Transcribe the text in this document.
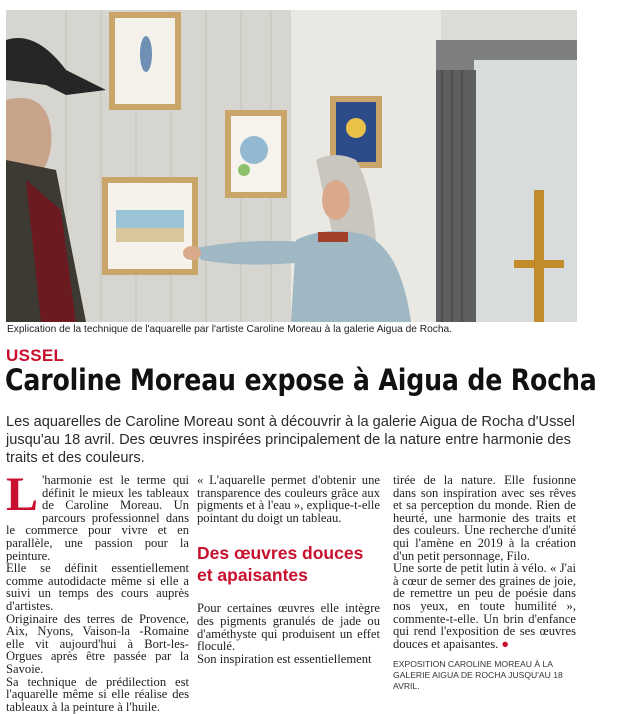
Explication de la technique de l'aquarelle par l'artiste Caroline Moreau à la galerie Aigua de Rocha.
USSEL
Caroline Moreau expose à Aigua de Rocha
Les aquarelles de Caroline Moreau sont à découvrir à la galerie Aigua de Rocha d'Ussel jusqu'au 18 avril. Des œuvres inspirées principalement de la nature entre harmonie des traits et des couleurs.
L 'harmonie est le terme qui définit le mieux les tableaux de Caroline Moreau. Un parcours professionnel dans le commerce pour vivre et en parallèle, une passion pour la peinture.

Elle se définit essentiellement comme autodidacte même si elle a suivi un temps des cours auprès d'artistes.

Originaire des terres de Provence, Aix, Nyons, Vaison-la -Romaine elle vit aujourd'hui à Bort-les-Orgues après être passée par la Savoie.

Sa technique de prédilection est l'aquarelle même si elle réalise des tableaux à la peinture à l'huile.

« L'aquarelle permet d'obtenir une transparence des couleurs grâce aux pigments et à l'eau », explique-t-elle pointant du doigt un tableau.

Des œuvres douces et apaisantes

Pour certaines œuvres elle intègre des pigments granulés de jade ou d'améthyste qui produisent un effet floculé.

Son inspiration est essentiellement

tirée de la nature. Elle fusionne dans son inspiration avec ses rêves et sa perception du monde. Rien de heurté, une harmonie des traits et des couleurs. Une recherche d'unité qui l'amène en 2019 à la création d'un petit personnage, Filo.

Une sorte de petit lutin à vélo. « J'ai à cœur de semer des graines de joie, de remettre un peu de poésie dans nos yeux, en toute humilité », commente-t-elle. Un brin d'enfance qui rend l'exposition de ses œuvres douces et apaisantes. ●

EXPOSITION CAROLINE MOREAU À LA GALERIE AIGUA DE ROCHA JUSQU'AU 18 AVRIL.
